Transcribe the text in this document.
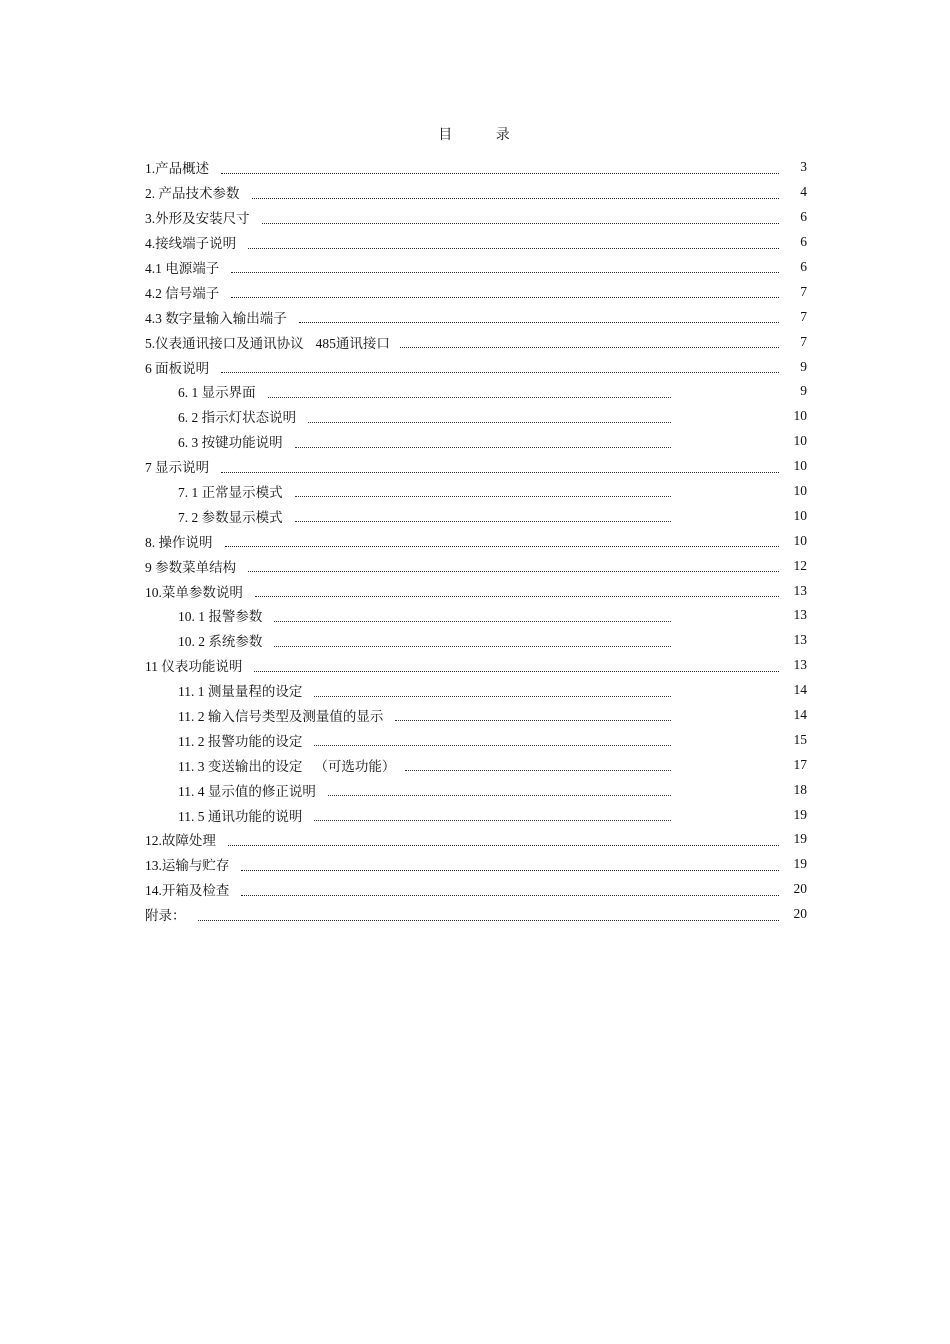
目	录
1.产品概述	3
2. 产品技术参数	4
3.外形及安装尺寸	6
4.接线端子说明	6
4.1 电源端子	6
4.2 信号端子	7
4.3 数字量输入输出端子	7
5.仪表通讯接口及通讯协议 485通讯接口	7
6 面板说明	9
6. 1 显示界面	9
6. 2 指示灯状态说明	10
6. 3 按键功能说明	10
7 显示说明	10
7. 1 正常显示模式	10
7. 2 参数显示模式	10
8. 操作说明	10
9 参数菜单结构	12
10.菜单参数说明	13
10. 1 报警参数	13
10. 2 系统参数	13
11 仪表功能说明	13
11. 1 测量量程的设定	14
11. 2 输入信号类型及测量值的显示	14
11. 2 报警功能的设定	15
11. 3 变送输出的设定 （可选功能）	17
11. 4 显示值的修正说明	18
11. 5 通讯功能的说明	19
12.故障处理	19
13.运输与贮存	19
14.开箱及检查	20
附录：	20
